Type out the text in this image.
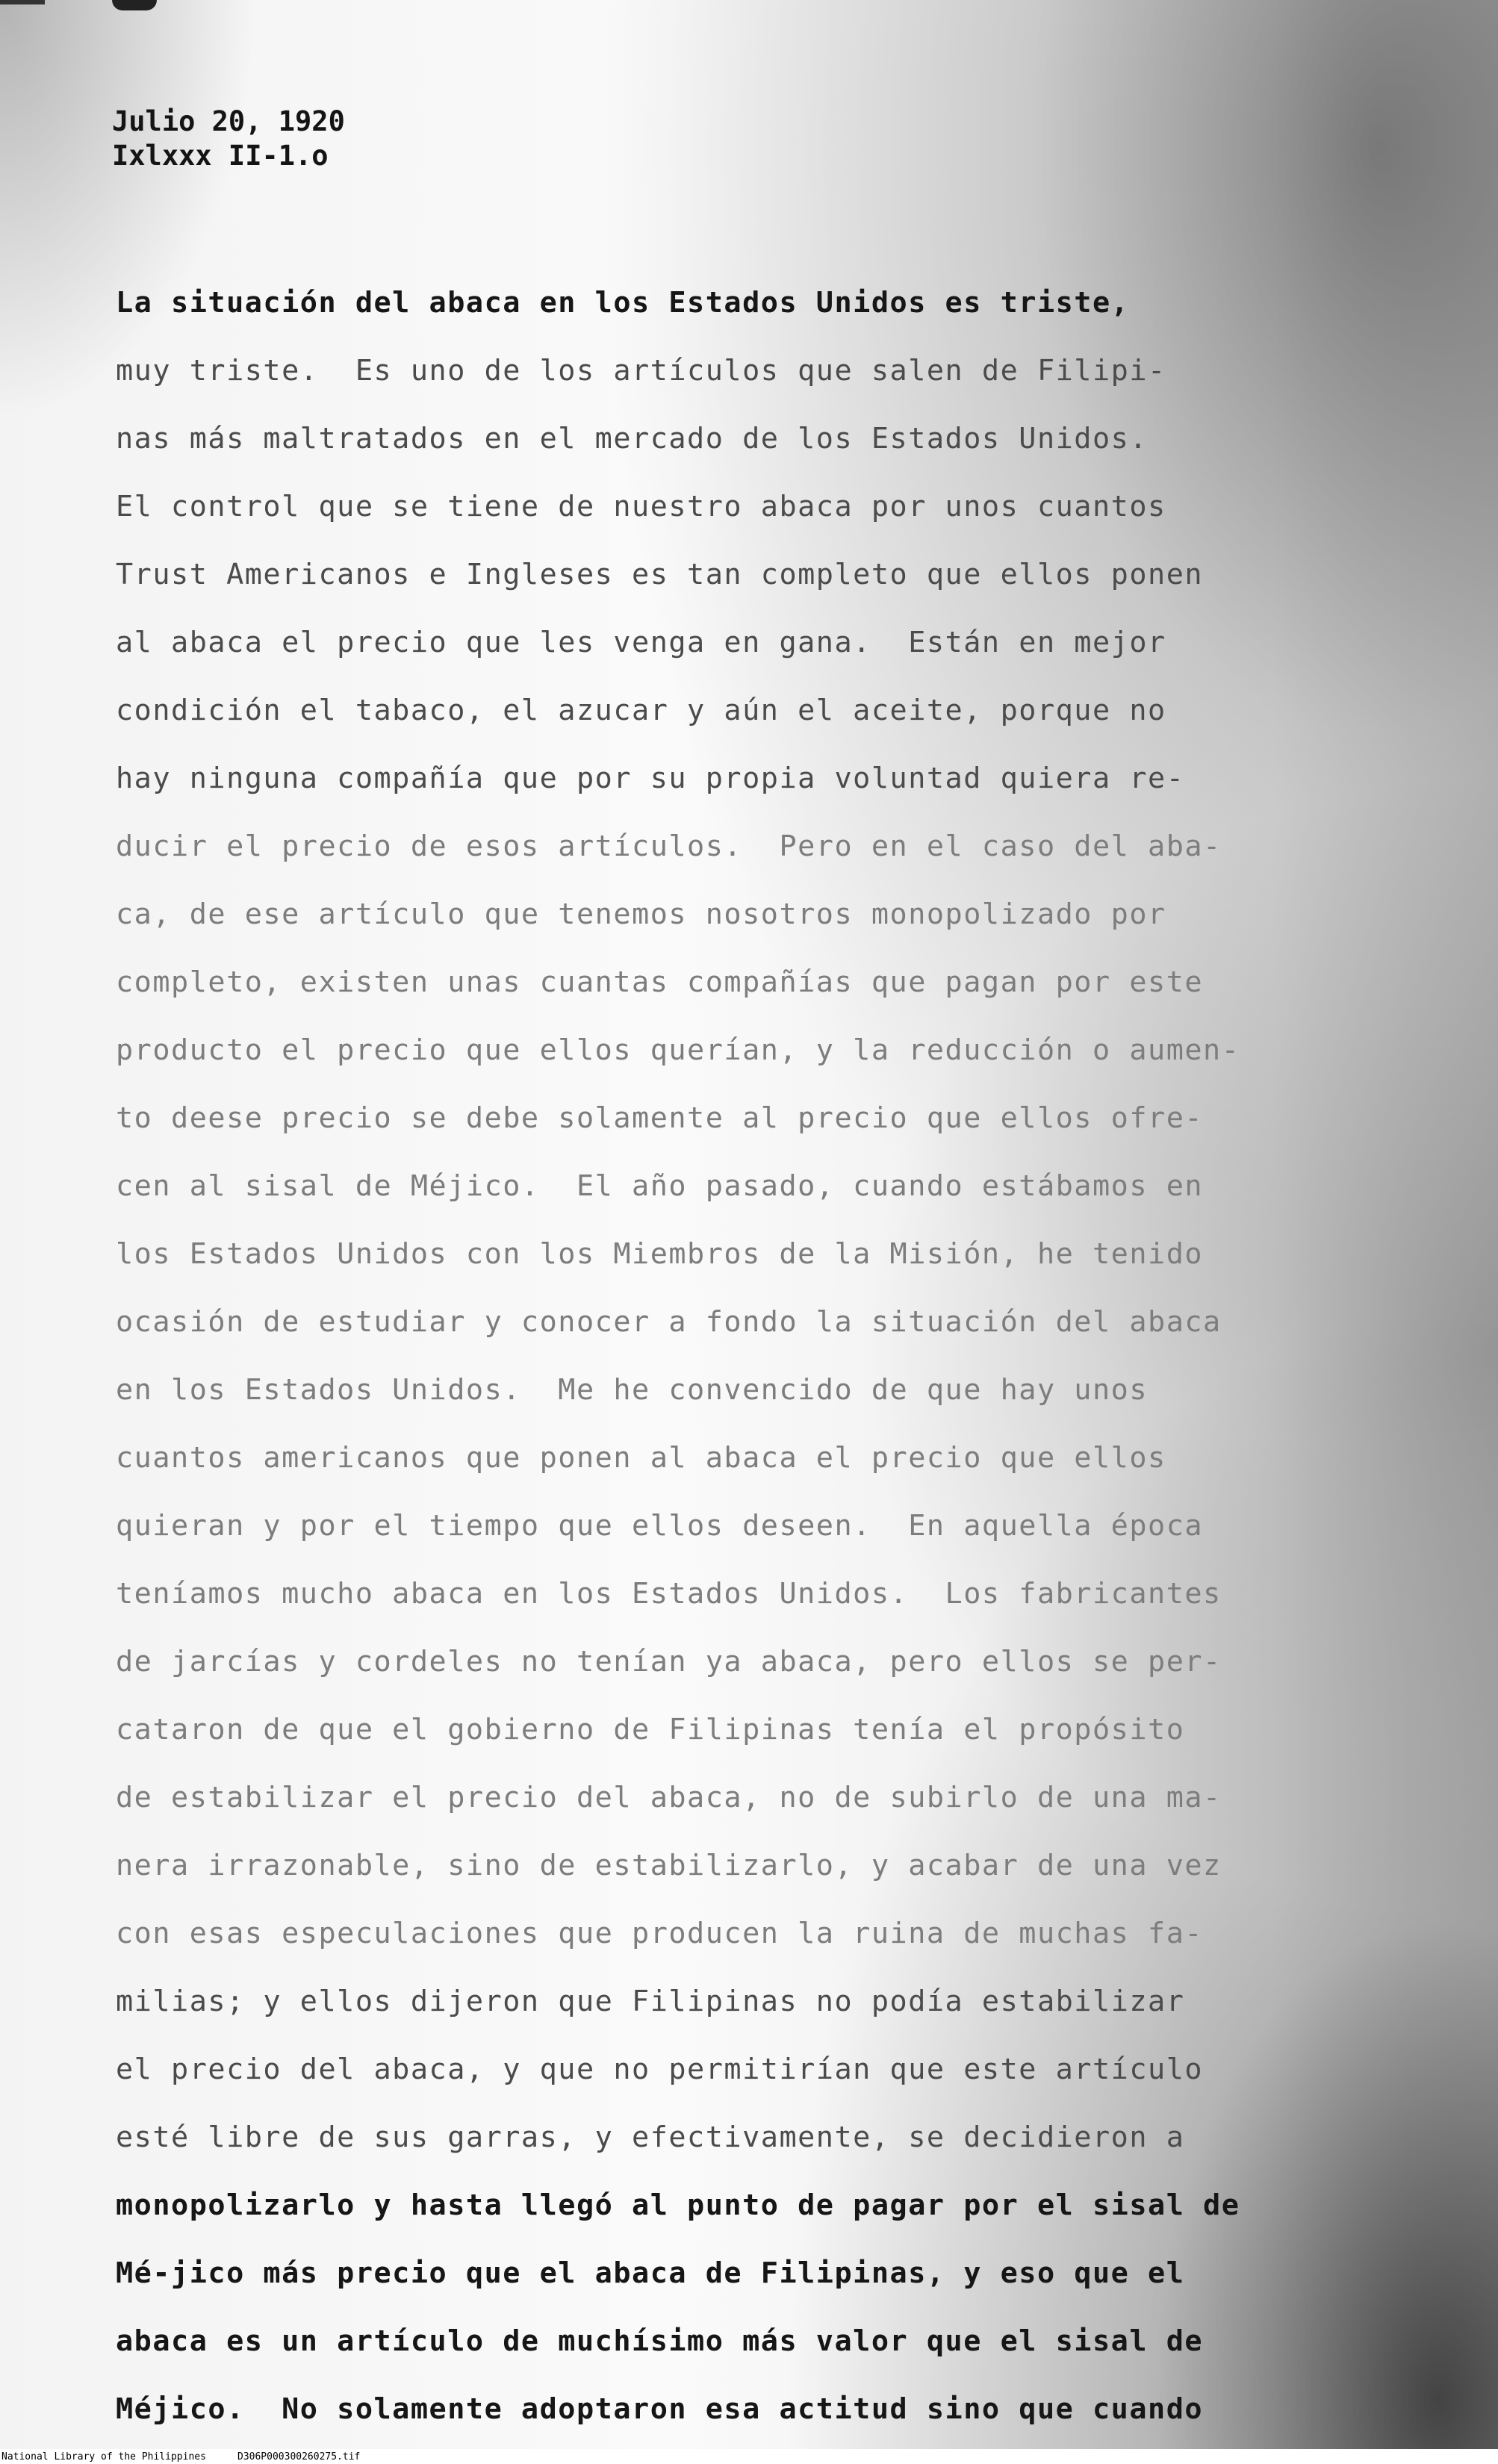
Julio 20, 1920
Ixlxxx II-1.o
La situación del abaca en los Estados Unidos es triste,
muy triste.  Es uno de los artículos que salen de Filipi-
nas más maltratados en el mercado de los Estados Unidos.
El control que se tiene de nuestro abaca por unos cuantos
Trust Americanos e Ingleses es tan completo que ellos ponen
al abaca el precio que les venga en gana.  Están en mejor
condición el tabaco, el azucar y aún el aceite, porque no
hay ninguna compañía que por su propia voluntad quiera re-
ducir el precio de esos artículos.  Pero en el caso del aba-
ca, de ese artículo que tenemos nosotros monopolizado por
completo, existen unas cuantas compañías que pagan por este
producto el precio que ellos querían, y la reducción o aumen-
to deese precio se debe solamente al precio que ellos ofre-
cen al sisal de Méjico.  El año pasado, cuando estábamos en
los Estados Unidos con los Miembros de la Misión, he tenido
ocasión de estudiar y conocer a fondo la situación del abaca
en los Estados Unidos.  Me he convencido de que hay unos
cuantos americanos que ponen al abaca el precio que ellos
quieran y por el tiempo que ellos deseen.  En aquella época
teníamos mucho abaca en los Estados Unidos.  Los fabricantes
de jarcías y cordeles no tenían ya abaca, pero ellos se per-
cataron de que el gobierno de Filipinas tenía el propósito
de estabilizar el precio del abaca, no de subirlo de una ma-
nera irrazonable, sino de estabilizarlo, y acabar de una vez
con esas especulaciones que producen la ruina de muchas fa-
milias; y ellos dijeron que Filipinas no podía estabilizar
el precio del abaca, y que no permitirían que este artículo
esté libre de sus garras, y efectivamente, se decidieron a
monopolizarlo y hasta llegó al punto de pagar por el sisal de
Mé-jico más precio que el abaca de Filipinas, y eso que el
abaca es un artículo de muchísimo más valor que el sisal de
Méjico.  No solamente adoptaron esa actitud sino que cuando
National Library of the Philippines	D306P000300260275.tif
